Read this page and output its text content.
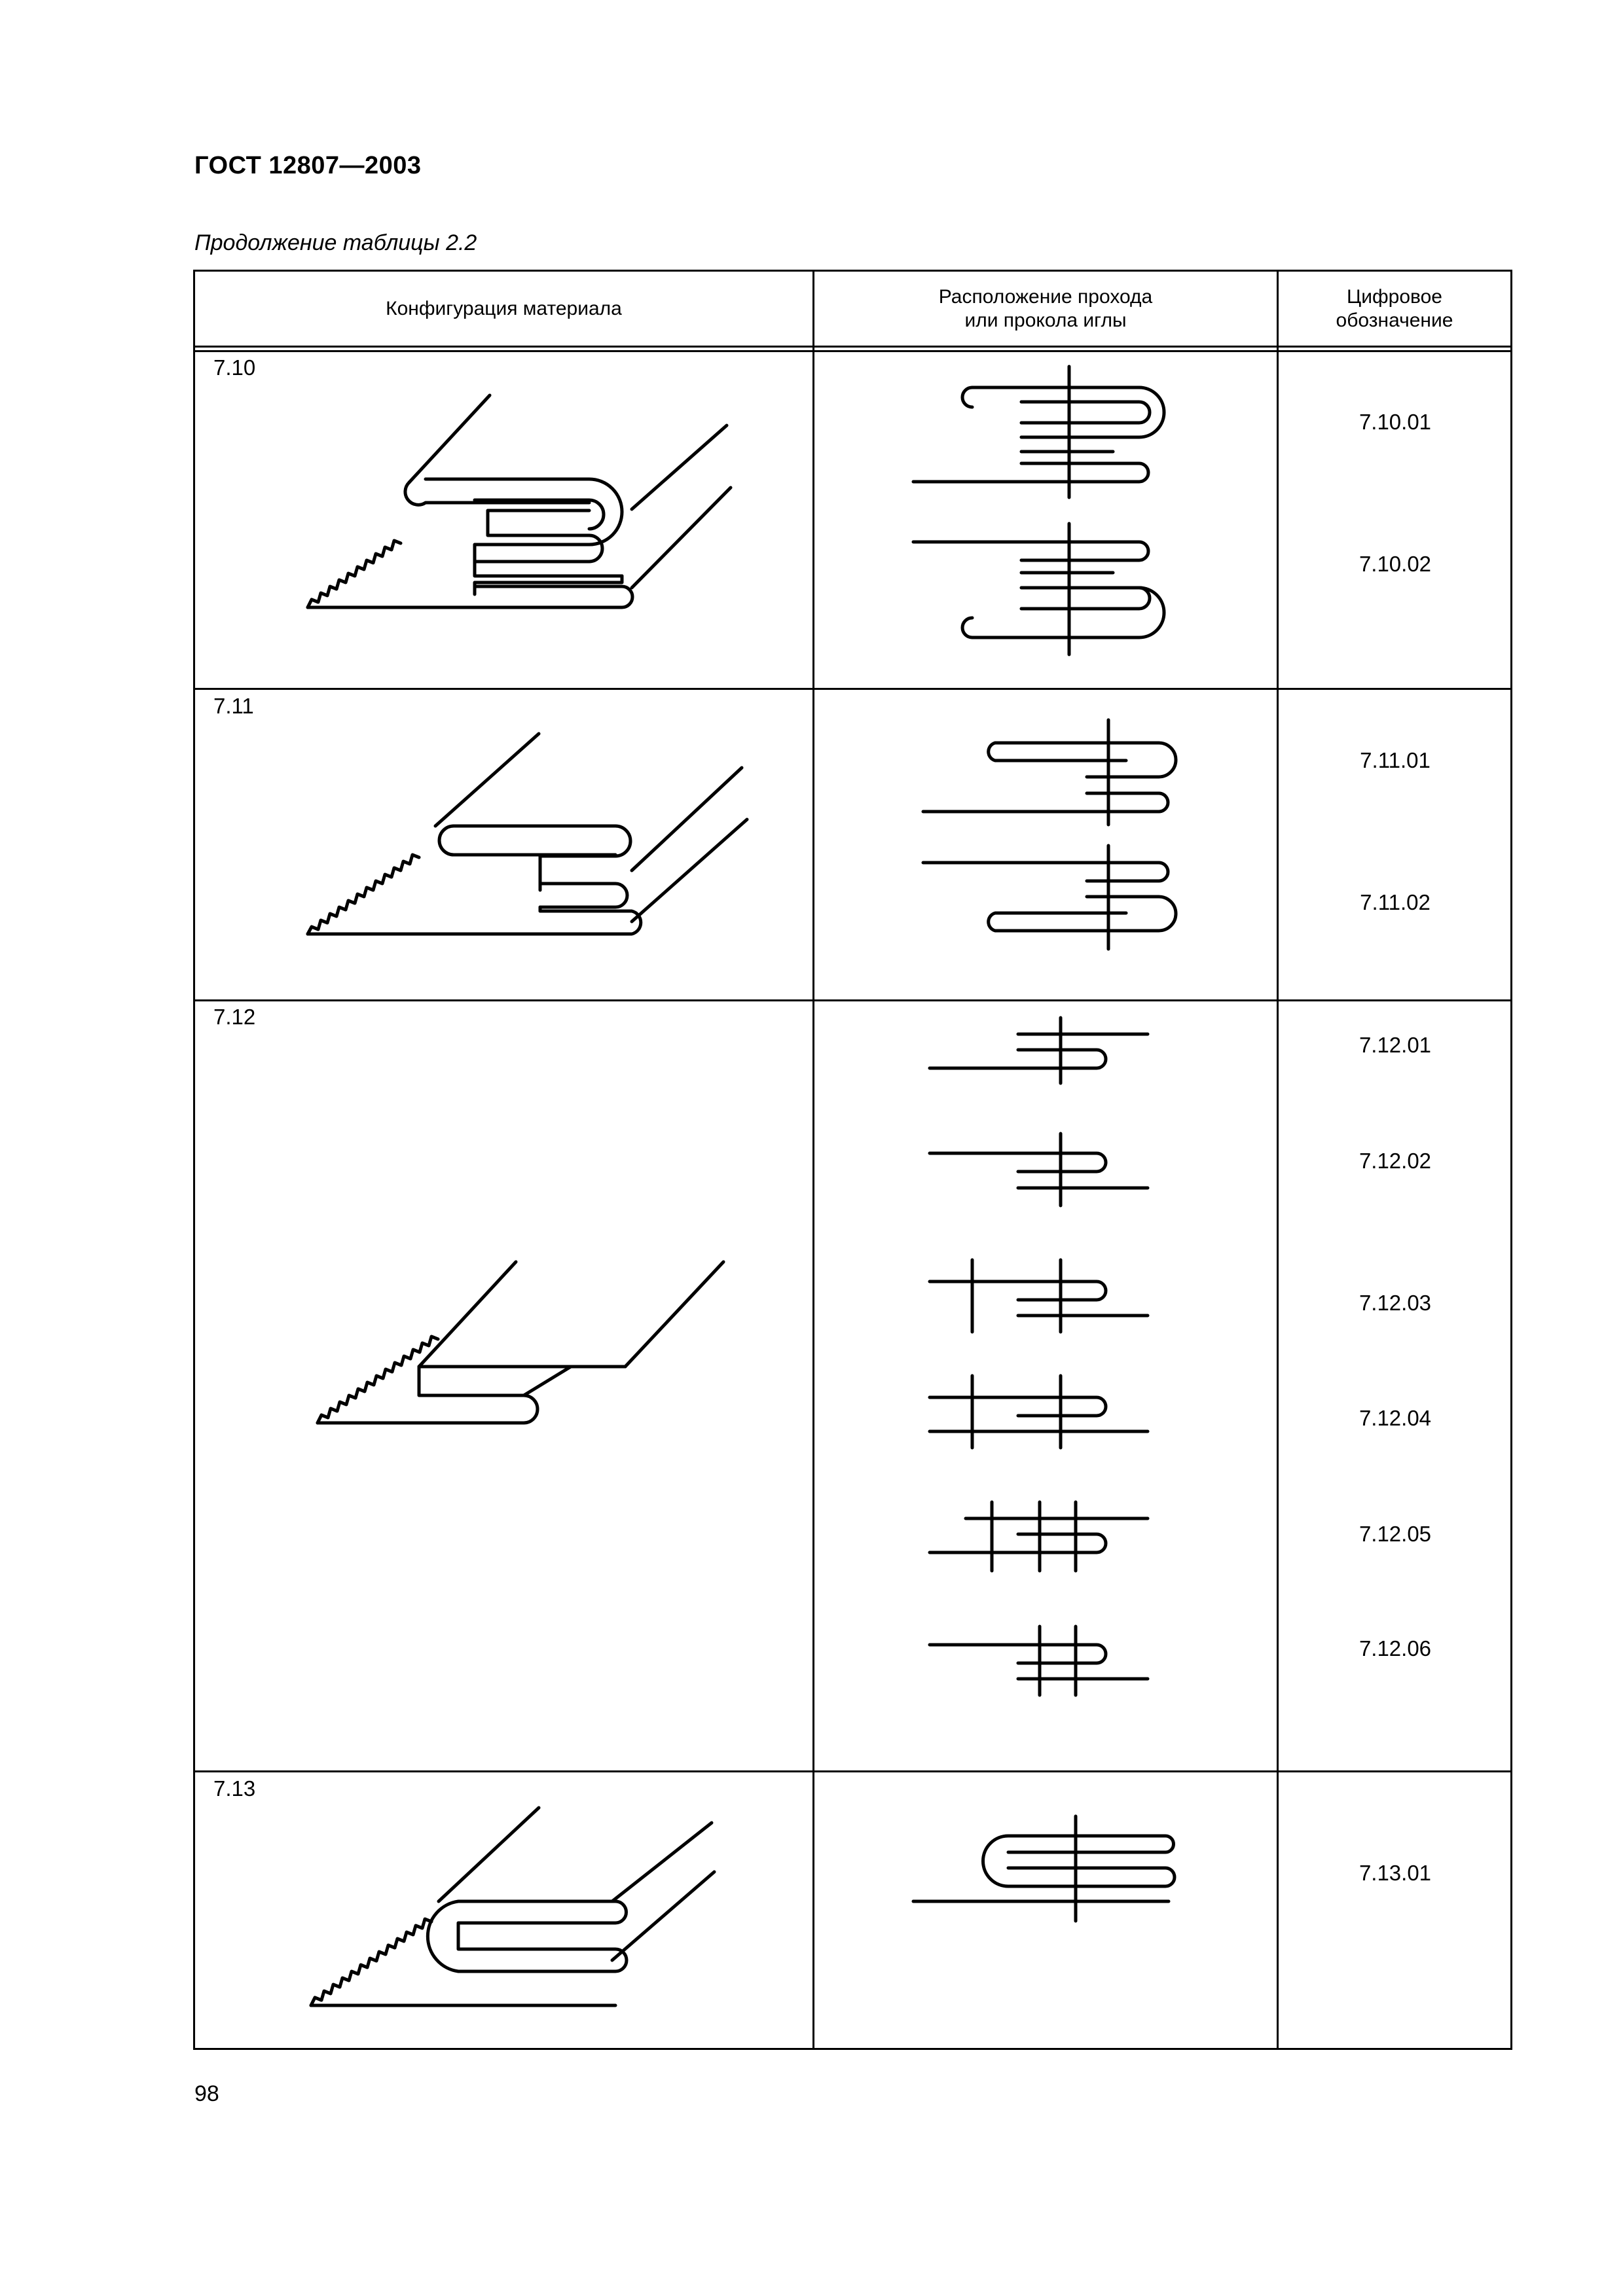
ГОСТ 12807—2003
Продолжение таблицы 2.2
Конфигурация материала
Расположение прохода
или прокола иглы
Цифровое
обозначение
7.10
7.11
7.12
7.13
7.10.01
7.10.02
7.11.01
7.11.02
7.12.01
7.12.02
7.12.03
7.12.04
7.12.05
7.12.06
7.13.01
98
